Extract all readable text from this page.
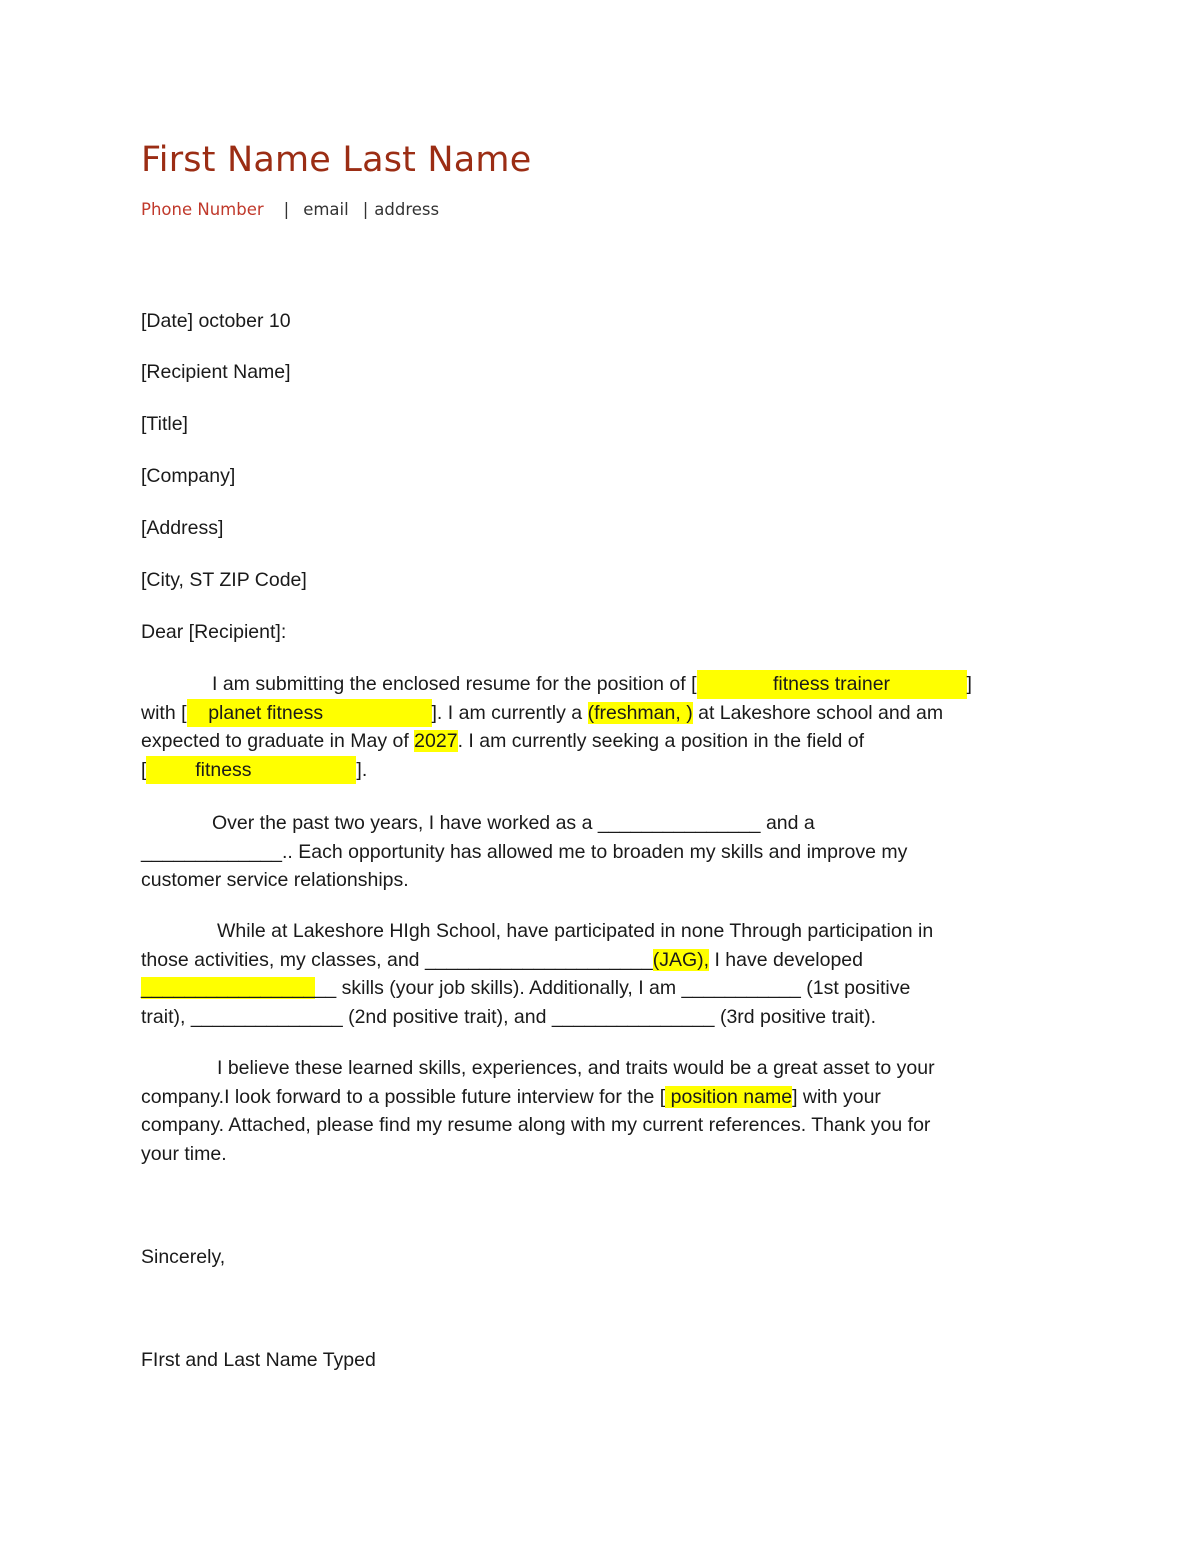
First Name Last Name
Phone Number | email | address
[Date] october 10
[Recipient Name]
[Title]
[Company]
[Address]
[City, ST ZIP Code]
Dear [Recipient]:
I am submitting the enclosed resume for the position of [	fitness trainer	]
with [ planet fitness	]. I am currently a (freshman, ) at Lakeshore school and am
expected to graduate in May of 2027. I am currently seeking a position in the field of
[	fitness	].
Over the past two years, I have worked as a _______________ and a
_____________.. Each opportunity has allowed me to broaden my skills and improve my
customer service relationships.
While at Lakeshore HIgh School, have participated in none Through participation in
those activities, my classes, and _____________________(JAG), I have developed
__________________ skills (your job skills). Additionally, I am ___________ (1st positive
trait), ______________ (2nd positive trait), and _______________ (3rd positive trait).
I believe these learned skills, experiences, and traits would be a great asset to your
company.I look forward to a possible future interview for the [ position name] with your
company. Attached, please find my resume along with my current references. Thank you for
your time.
Sincerely,
FIrst and Last Name Typed
